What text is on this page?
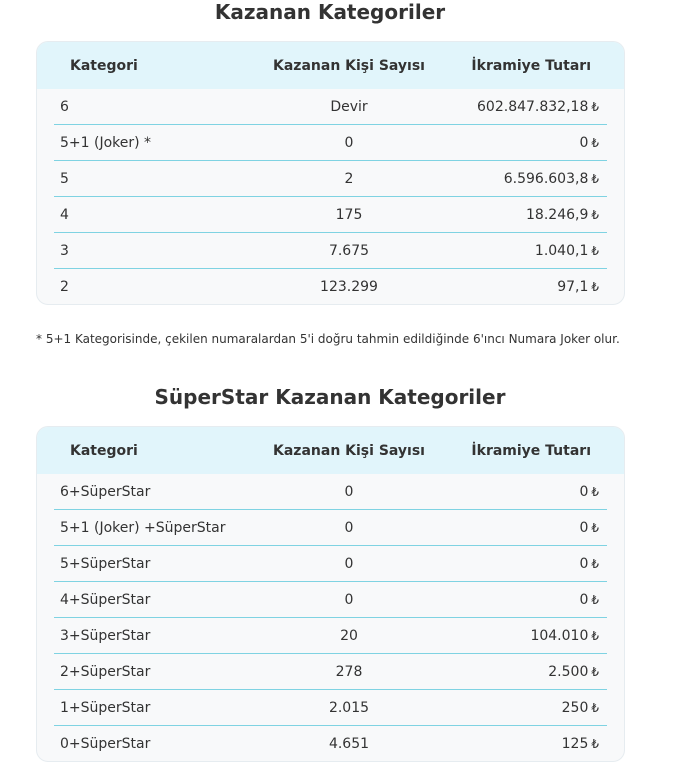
Kazanan Kategoriler
Kategori	Kazanan Kişi Sayısı	İkramiye Tutarı
6	Devir	602.847.832,18 ₺
5+1 (Joker) *	0	0 ₺
5	2	6.596.603,8 ₺
4	175	18.246,9 ₺
3	7.675	1.040,1 ₺
2	123.299	97,1 ₺

* 5+1 Kategorisinde, çekilen numaralardan 5'i doğru tahmin edildiğinde 6'ıncı Numara Joker olur.

SüperStar Kazanan Kategoriler
Kategori	Kazanan Kişi Sayısı	İkramiye Tutarı
6+SüperStar	0	0 ₺
5+1 (Joker) +SüperStar	0	0 ₺
5+SüperStar	0	0 ₺
4+SüperStar	0	0 ₺
3+SüperStar	20	104.010 ₺
2+SüperStar	278	2.500 ₺
1+SüperStar	2.015	250 ₺
0+SüperStar	4.651	125 ₺
